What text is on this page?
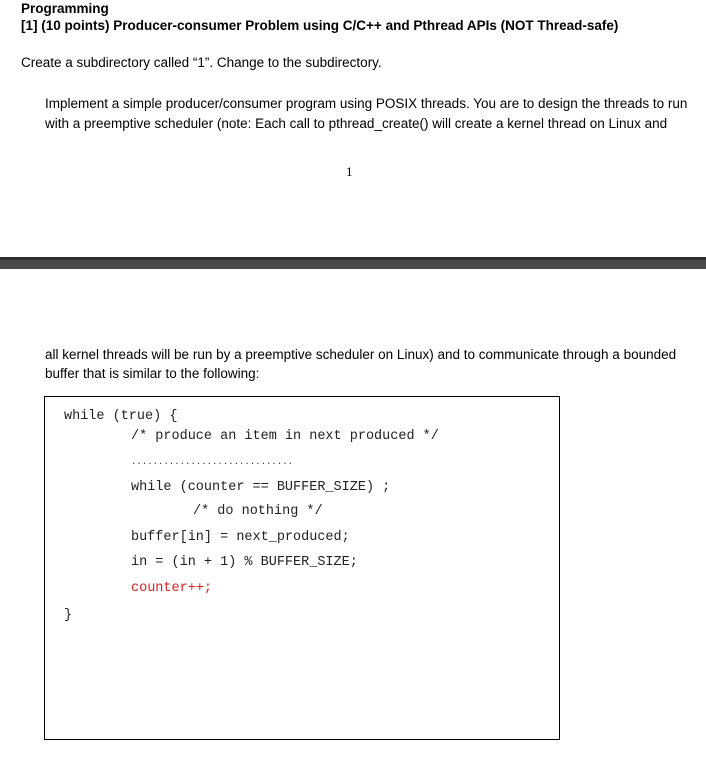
Programming
[1] (10 points) Producer-consumer Problem using C/C++ and Pthread APIs (NOT Thread-safe)
Create a subdirectory called “1”. Change to the subdirectory.
Implement a simple producer/consumer program using POSIX threads. You are to design the threads to run
with a preemptive scheduler (note: Each call to pthread_create() will create a kernel thread on Linux and
1
all kernel threads will be run by a preemptive scheduler on Linux) and to communicate through a bounded
buffer that is similar to the following:
while (true) {
/* produce an item in next produced */
..............................
while (counter == BUFFER_SIZE) ;
/* do nothing */
buffer[in] = next_produced;
in = (in + 1) % BUFFER_SIZE;
counter++;
}
